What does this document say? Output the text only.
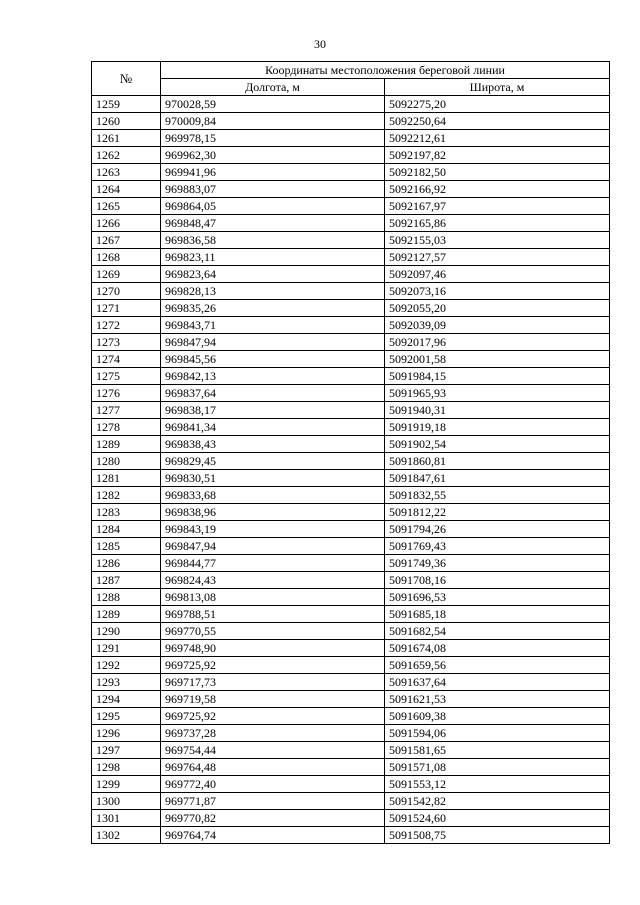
30
№	Координаты местоположения береговой линии	
	Долгота, м	Широта, м
1259	970028,59	5092275,20
1260	970009,84	5092250,64
1261	969978,15	5092212,61
1262	969962,30	5092197,82
1263	969941,96	5092182,50
1264	969883,07	5092166,92
1265	969864,05	5092167,97
1266	969848,47	5092165,86
1267	969836,58	5092155,03
1268	969823,11	5092127,57
1269	969823,64	5092097,46
1270	969828,13	5092073,16
1271	969835,26	5092055,20
1272	969843,71	5092039,09
1273	969847,94	5092017,96
1274	969845,56	5092001,58
1275	969842,13	5091984,15
1276	969837,64	5091965,93
1277	969838,17	5091940,31
1278	969841,34	5091919,18
1289	969838,43	5091902,54
1280	969829,45	5091860,81
1281	969830,51	5091847,61
1282	969833,68	5091832,55
1283	969838,96	5091812,22
1284	969843,19	5091794,26
1285	969847,94	5091769,43
1286	969844,77	5091749,36
1287	969824,43	5091708,16
1288	969813,08	5091696,53
1289	969788,51	5091685,18
1290	969770,55	5091682,54
1291	969748,90	5091674,08
1292	969725,92	5091659,56
1293	969717,73	5091637,64
1294	969719,58	5091621,53
1295	969725,92	5091609,38
1296	969737,28	5091594,06
1297	969754,44	5091581,65
1298	969764,48	5091571,08
1299	969772,40	5091553,12
1300	969771,87	5091542,82
1301	969770,82	5091524,60
1302	969764,74	5091508,75
